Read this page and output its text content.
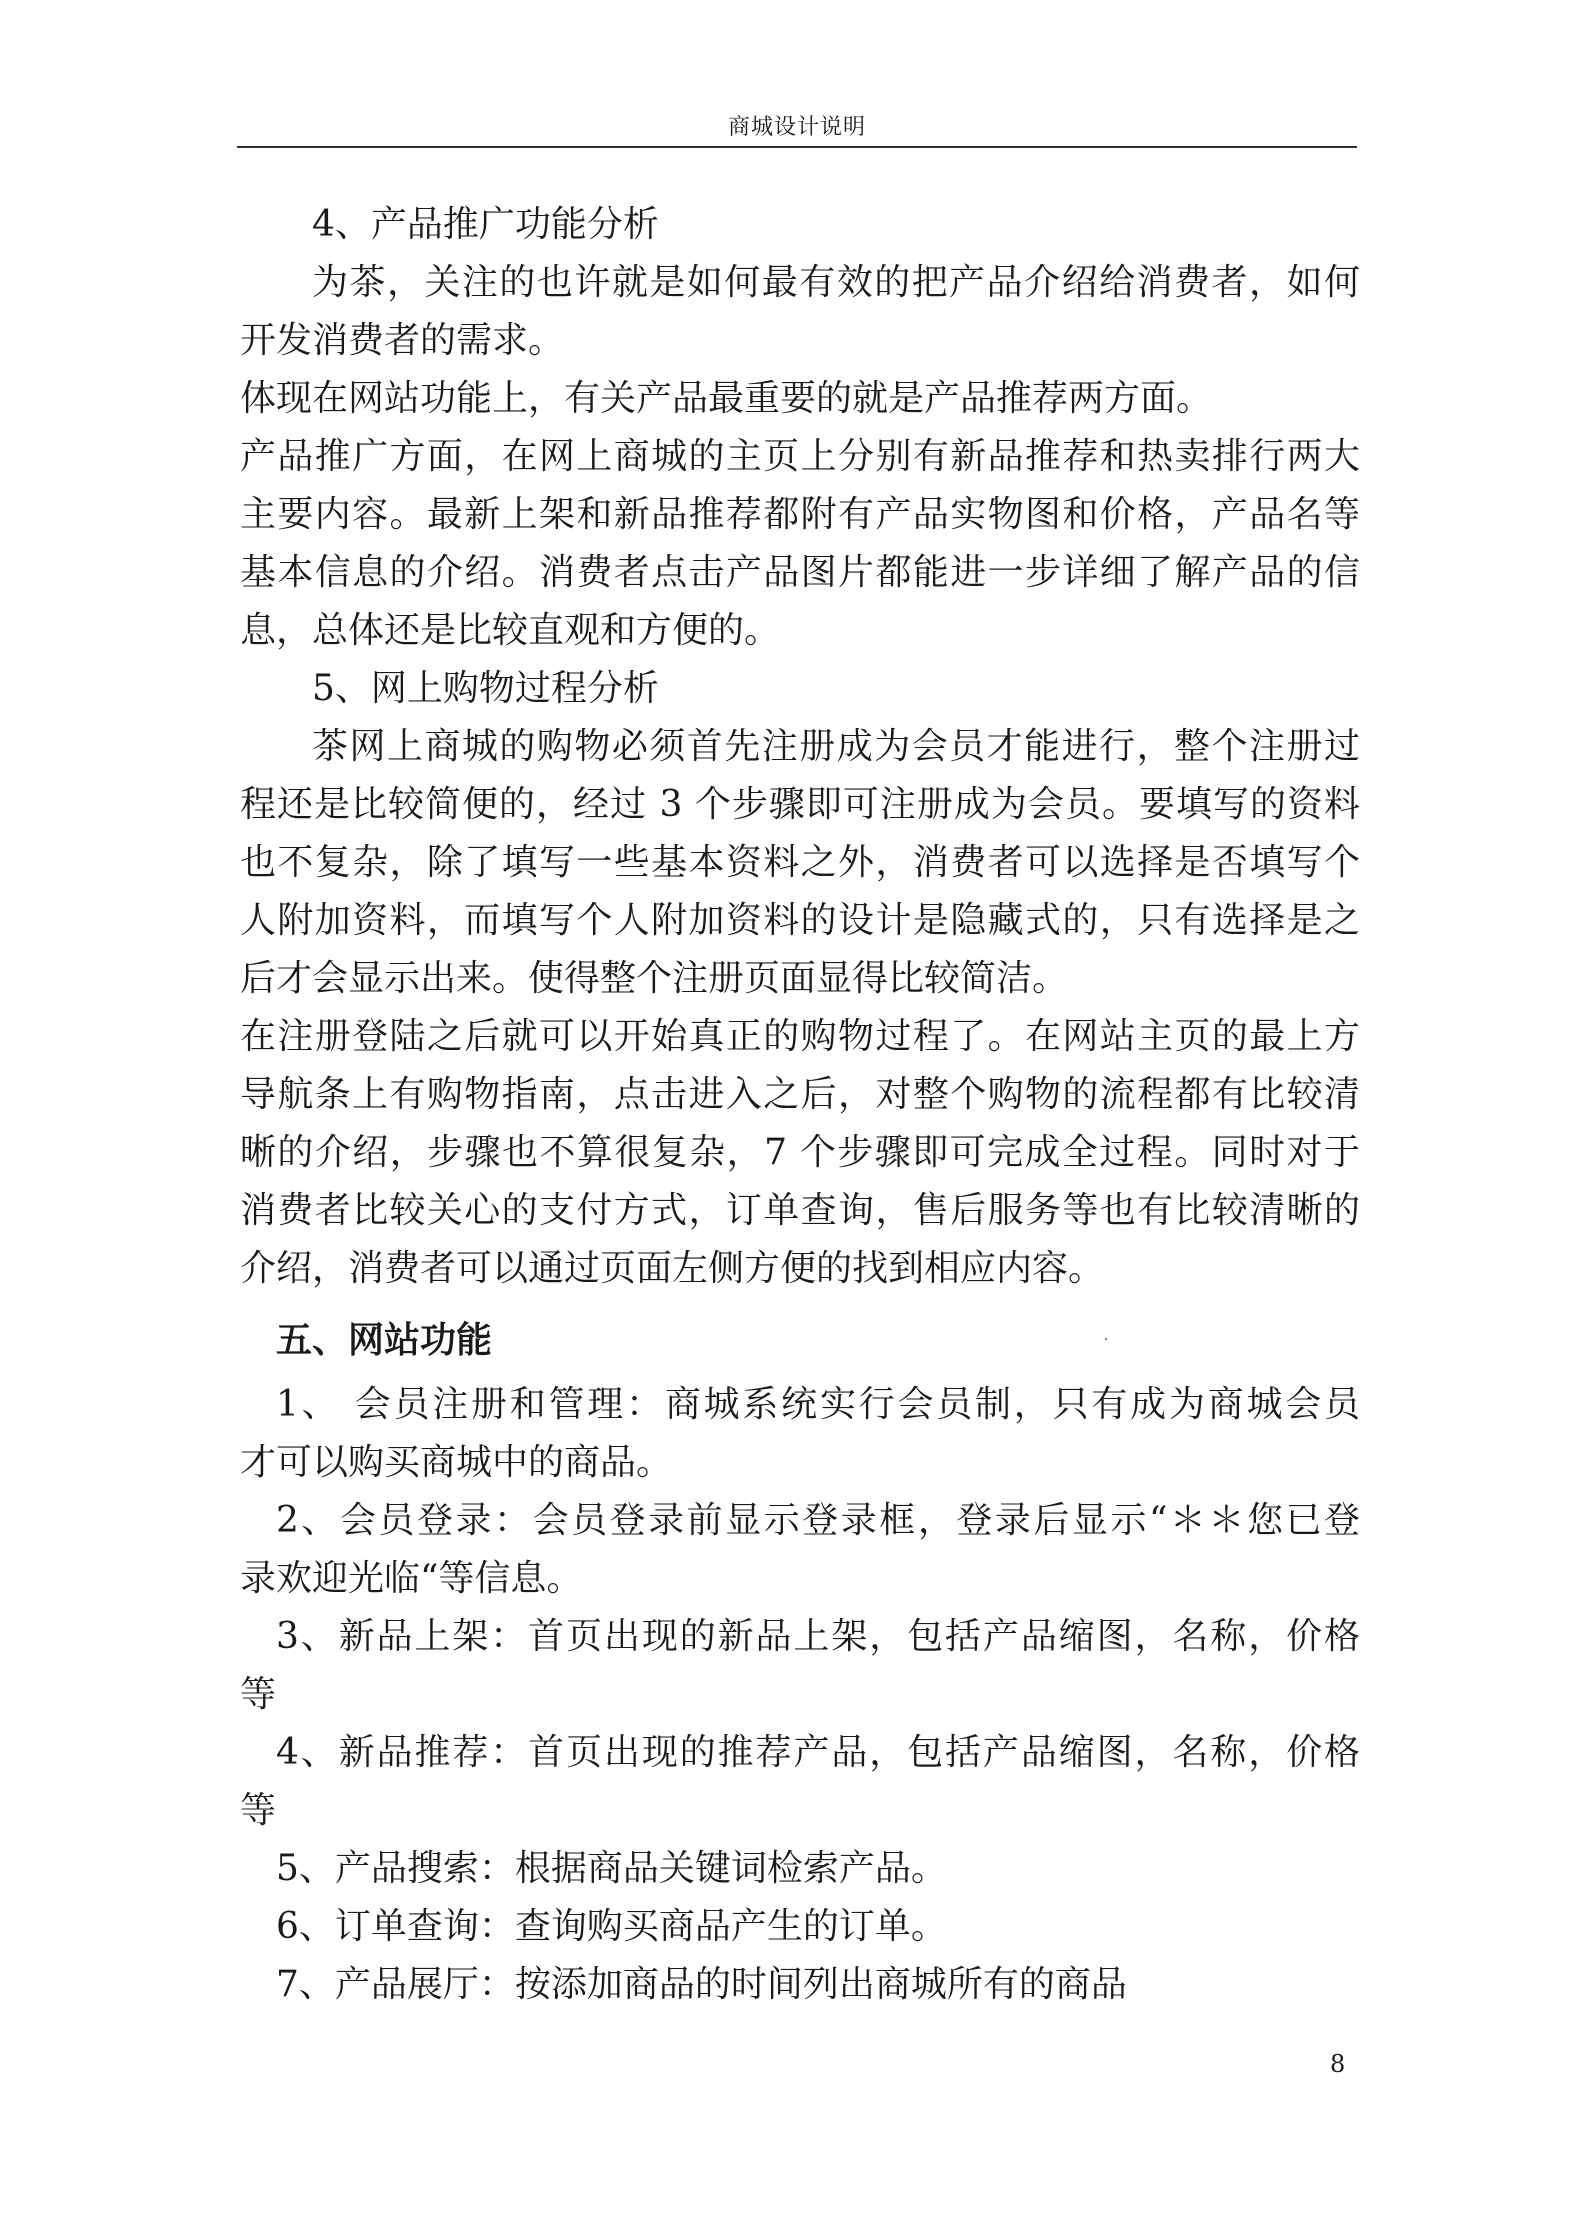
商城设计说明
4、产品推广功能分析
为茶，关注的也许就是如何最有效的把产品介绍给消费者，如何
开发消费者的需求。
体现在网站功能上，有关产品最重要的就是产品推荐两方面。
产品推广方面，在网上商城的主页上分别有新品推荐和热卖排行两大
主要内容。最新上架和新品推荐都附有产品实物图和价格，产品名等
基本信息的介绍。消费者点击产品图片都能进一步详细了解产品的信
息，总体还是比较直观和方便的。
5、网上购物过程分析
茶网上商城的购物必须首先注册成为会员才能进行，整个注册过
程还是比较简便的，经过 3 个步骤即可注册成为会员。要填写的资料
也不复杂，除了填写一些基本资料之外，消费者可以选择是否填写个
人附加资料，而填写个人附加资料的设计是隐藏式的，只有选择是之
后才会显示出来。使得整个注册页面显得比较简洁。
在注册登陆之后就可以开始真正的购物过程了。在网站主页的最上方
导航条上有购物指南，点击进入之后，对整个购物的流程都有比较清
晰的介绍，步骤也不算很复杂，7 个步骤即可完成全过程。同时对于
消费者比较关心的支付方式，订单查询，售后服务等也有比较清晰的
介绍，消费者可以通过页面左侧方便的找到相应内容。
五、网站功能
1、 会员注册和管理：商城系统实行会员制，只有成为商城会员
才可以购买商城中的商品。
2、会员登录：会员登录前显示登录框，登录后显示“＊＊您已登
录欢迎光临“等信息。
3、新品上架：首页出现的新品上架，包括产品缩图，名称，价格
等
4、新品推荐：首页出现的推荐产品，包括产品缩图，名称，价格
等
5、产品搜索：根据商品关键词检索产品。
6、订单查询：查询购买商品产生的订单。
7、产品展厅：按添加商品的时间列出商城所有的商品
8
